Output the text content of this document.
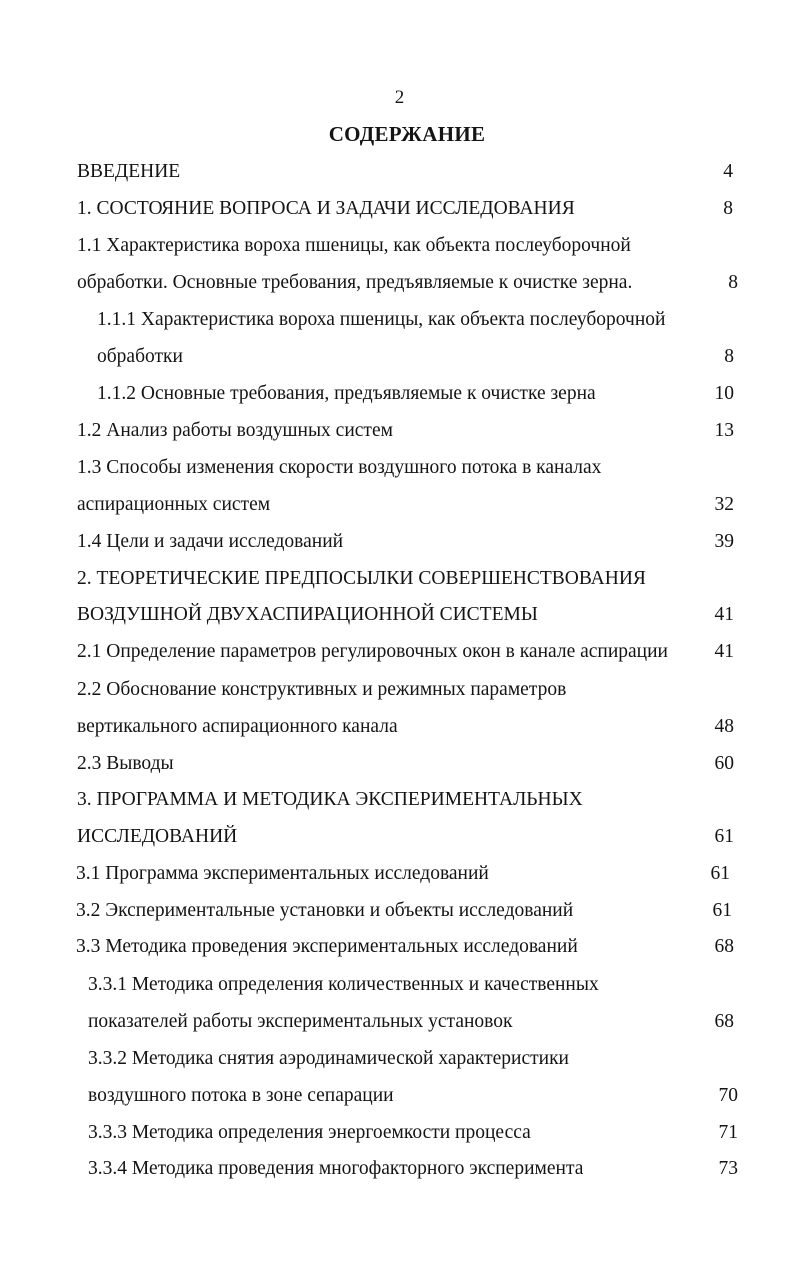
2
СОДЕРЖАНИЕ
ВВЕДЕНИЕ	4
1. СОСТОЯНИЕ ВОПРОСА И ЗАДАЧИ ИССЛЕДОВАНИЯ	8
1.1 Характеристика вороха пшеницы, как объекта послеуборочной
обработки. Основные требования, предъявляемые к очистке зерна.	8
1.1.1 Характеристика вороха пшеницы, как объекта послеуборочной
обработки	8
1.1.2 Основные требования, предъявляемые к очистке зерна	10
1.2 Анализ работы воздушных систем	13
1.3 Способы изменения скорости воздушного потока в каналах
аспирационных систем	32
1.4 Цели и задачи исследований	39
2. ТЕОРЕТИЧЕСКИЕ ПРЕДПОСЫЛКИ СОВЕРШЕНСТВОВАНИЯ
ВОЗДУШНОЙ ДВУХАСПИРАЦИОННОЙ СИСТЕМЫ	41
2.1 Определение параметров регулировочных окон в канале аспирации	41
2.2 Обоснование конструктивных и режимных параметров
вертикального аспирационного канала	48
2.3 Выводы	60
3. ПРОГРАММА И МЕТОДИКА ЭКСПЕРИМЕНТАЛЬНЫХ
ИССЛЕДОВАНИЙ	61
3.1 Программа экспериментальных исследований	61
3.2 Экспериментальные установки и объекты исследований	61
3.3 Методика проведения экспериментальных исследований	68
3.3.1 Методика определения количественных и качественных
показателей работы экспериментальных установок	68
3.3.2 Методика снятия аэродинамической характеристики
воздушного потока в зоне сепарации	70
3.3.3 Методика определения энергоемкости процесса	71
3.3.4 Методика проведения многофакторного эксперимента	73
